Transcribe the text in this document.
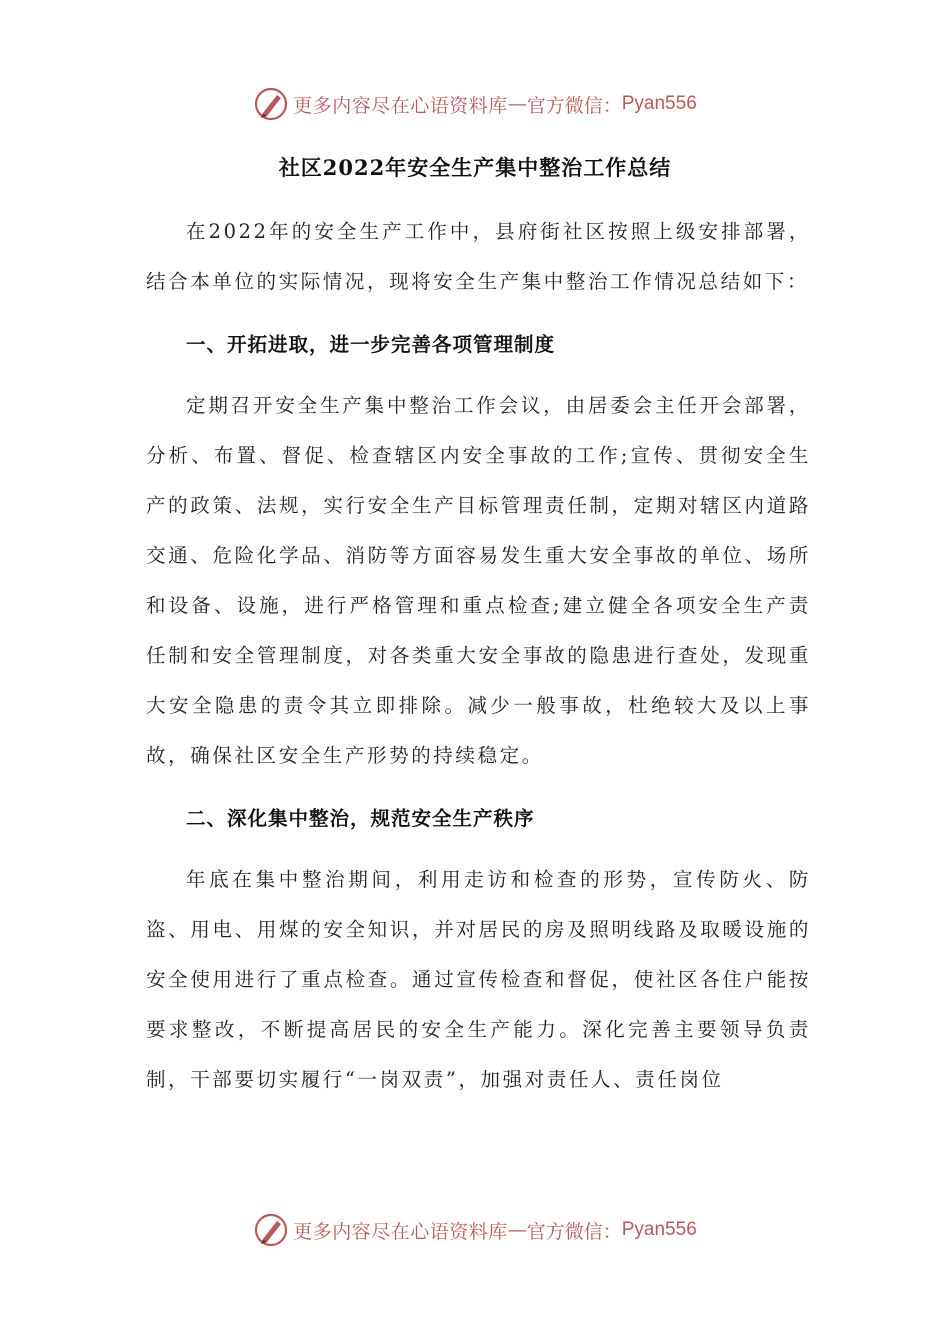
更多内容尽在心语资料库 — 官方微信： Pyan556
社区2022年安全生产集中整治工作总结

在2022年的安全生产工作中，县府街社区按照上级安排部署，结合本单位的实际情况，现将安全生产集中整治工作情况总结如下：

一、开拓进取，进一步完善各项管理制度

定期召开安全生产集中整治工作会议，由居委会主任开会部署，分析、布置、督促、检查辖区内安全事故的工作;宣传、贯彻安全生产的政策、法规，实行安全生产目标管理责任制，定期对辖区内道路交通、危险化学品、消防等方面容易发生重大安全事故的单位、场所和设备、设施，进行严格管理和重点检查;建立健全各项安全生产责任制和安全管理制度，对各类重大安全事故的隐患进行查处，发现重大安全隐患的责令其立即排除。减少一般事故，杜绝较大及以上事故，确保社区安全生产形势的持续稳定。

二、深化集中整治，规范安全生产秩序

年底在集中整治期间，利用走访和检查的形势，宣传防火、防盗、用电、用煤的安全知识，并对居民的房及照明线路及取暖设施的安全使用进行了重点检查。通过宣传检查和督促，使社区各住户能按要求整改，不断提高居民的安全生产能力。深化完善主要领导负责制，干部要切实履行“一岗双责”，加强对责任人、责任岗位

更多内容尽在心语资料库 — 官方微信： Pyan556
